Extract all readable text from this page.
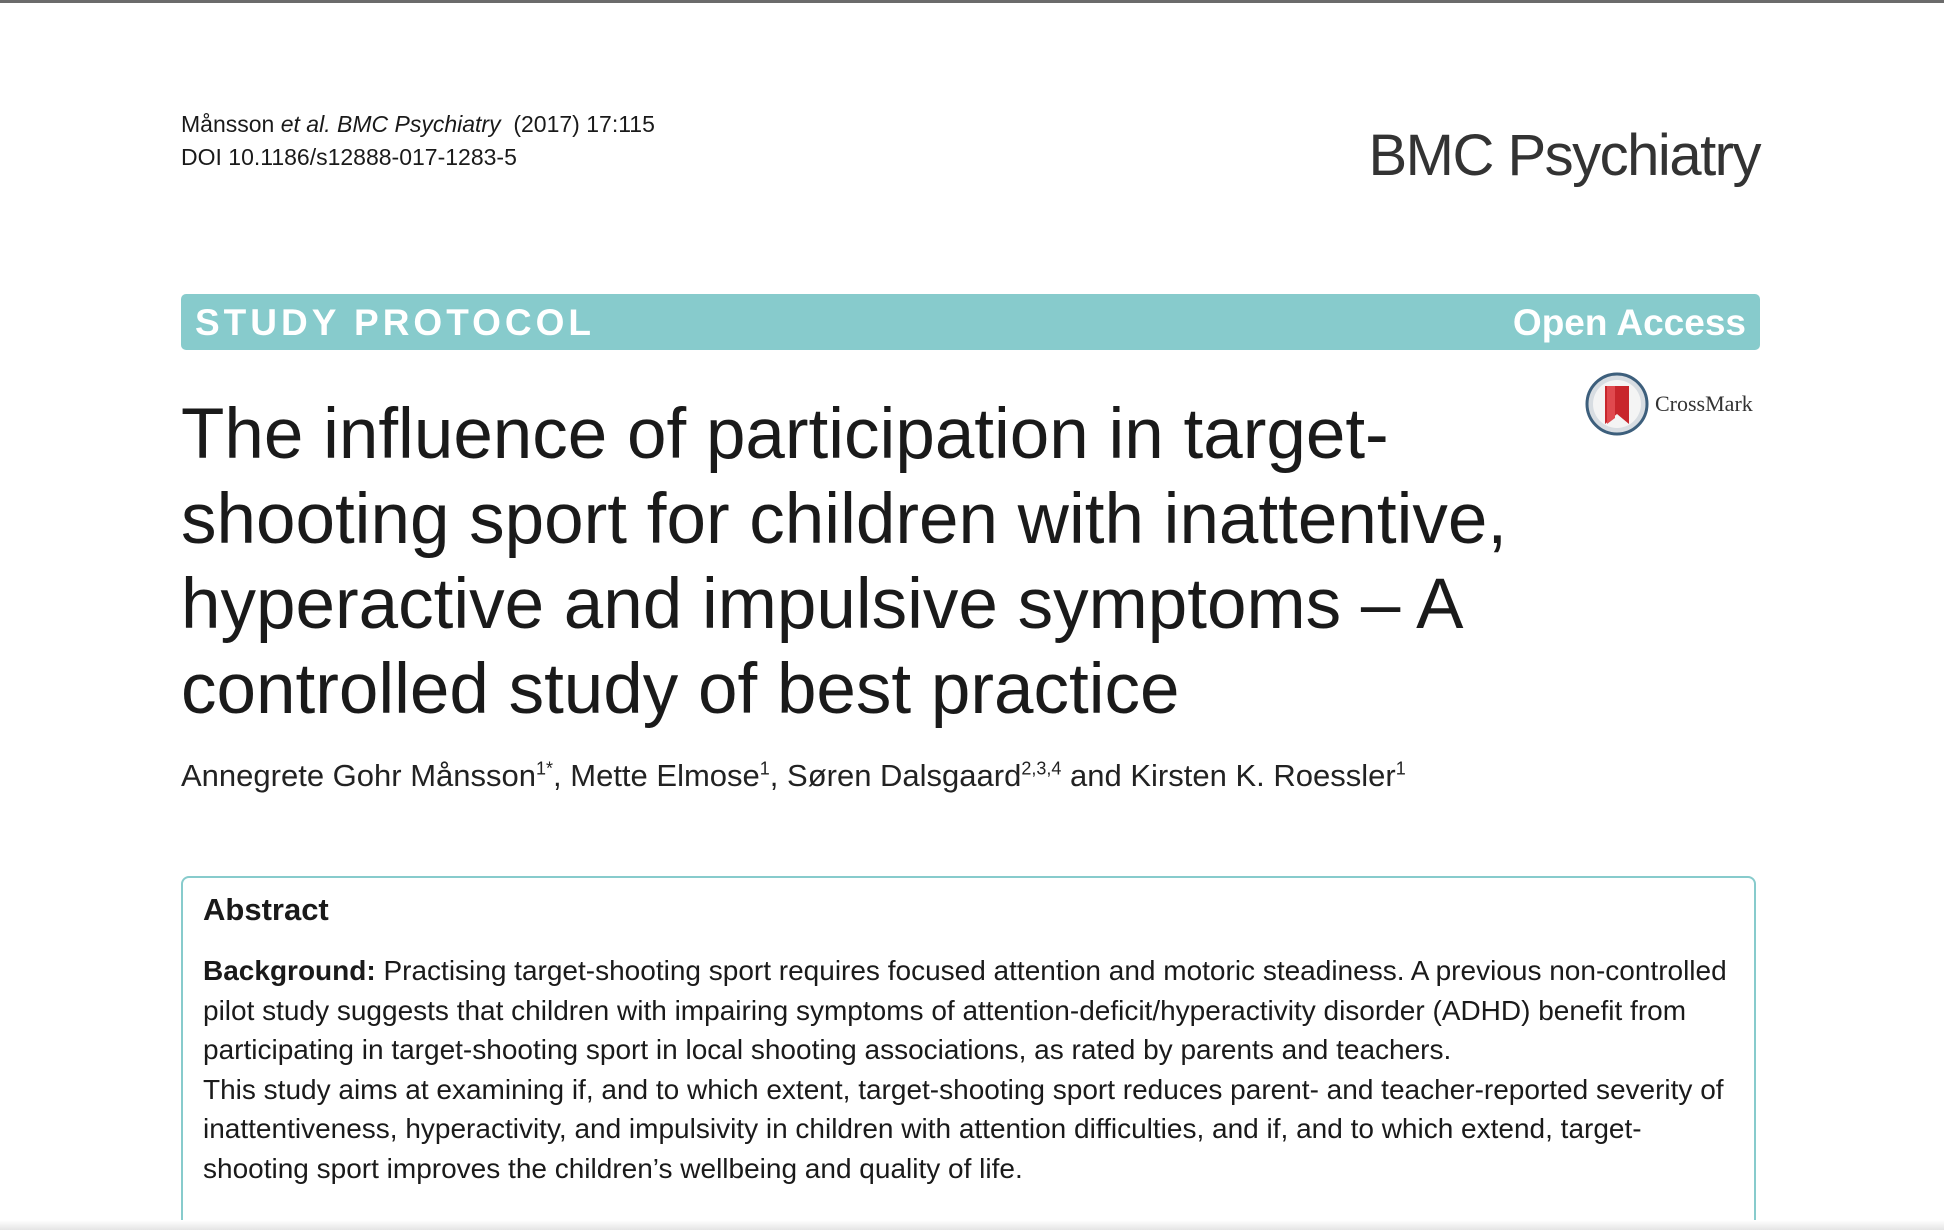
Månsson et al. BMC Psychiatry (2017) 17:115
DOI 10.1186/s12888-017-1283-5	BMC Psychiatry
STUDY PROTOCOL	Open Access
CrossMark
The influence of participation in target-shooting sport for children with inattentive, hyperactive and impulsive symptoms – A controlled study of best practice
Annegrete Gohr Månsson$^{1*}$, Mette Elmose$^1$, Søren Dalsgaard$^{2,3,4}$ and Kirsten K. Roessler$^1$
Abstract

Background: Practising target-shooting sport requires focused attention and motoric steadiness. A previous non-controlled pilot study suggests that children with impairing symptoms of attention-deficit/hyperactivity disorder (ADHD) benefit from participating in target-shooting sport in local shooting associations, as rated by parents and teachers.

This study aims at examining if, and to which extent, target-shooting sport reduces parent- and teacher-reported severity of inattentiveness, hyperactivity, and impulsivity in children with attention difficulties, and if, and to which extend, target-shooting sport improves the children’s wellbeing and quality of life.
